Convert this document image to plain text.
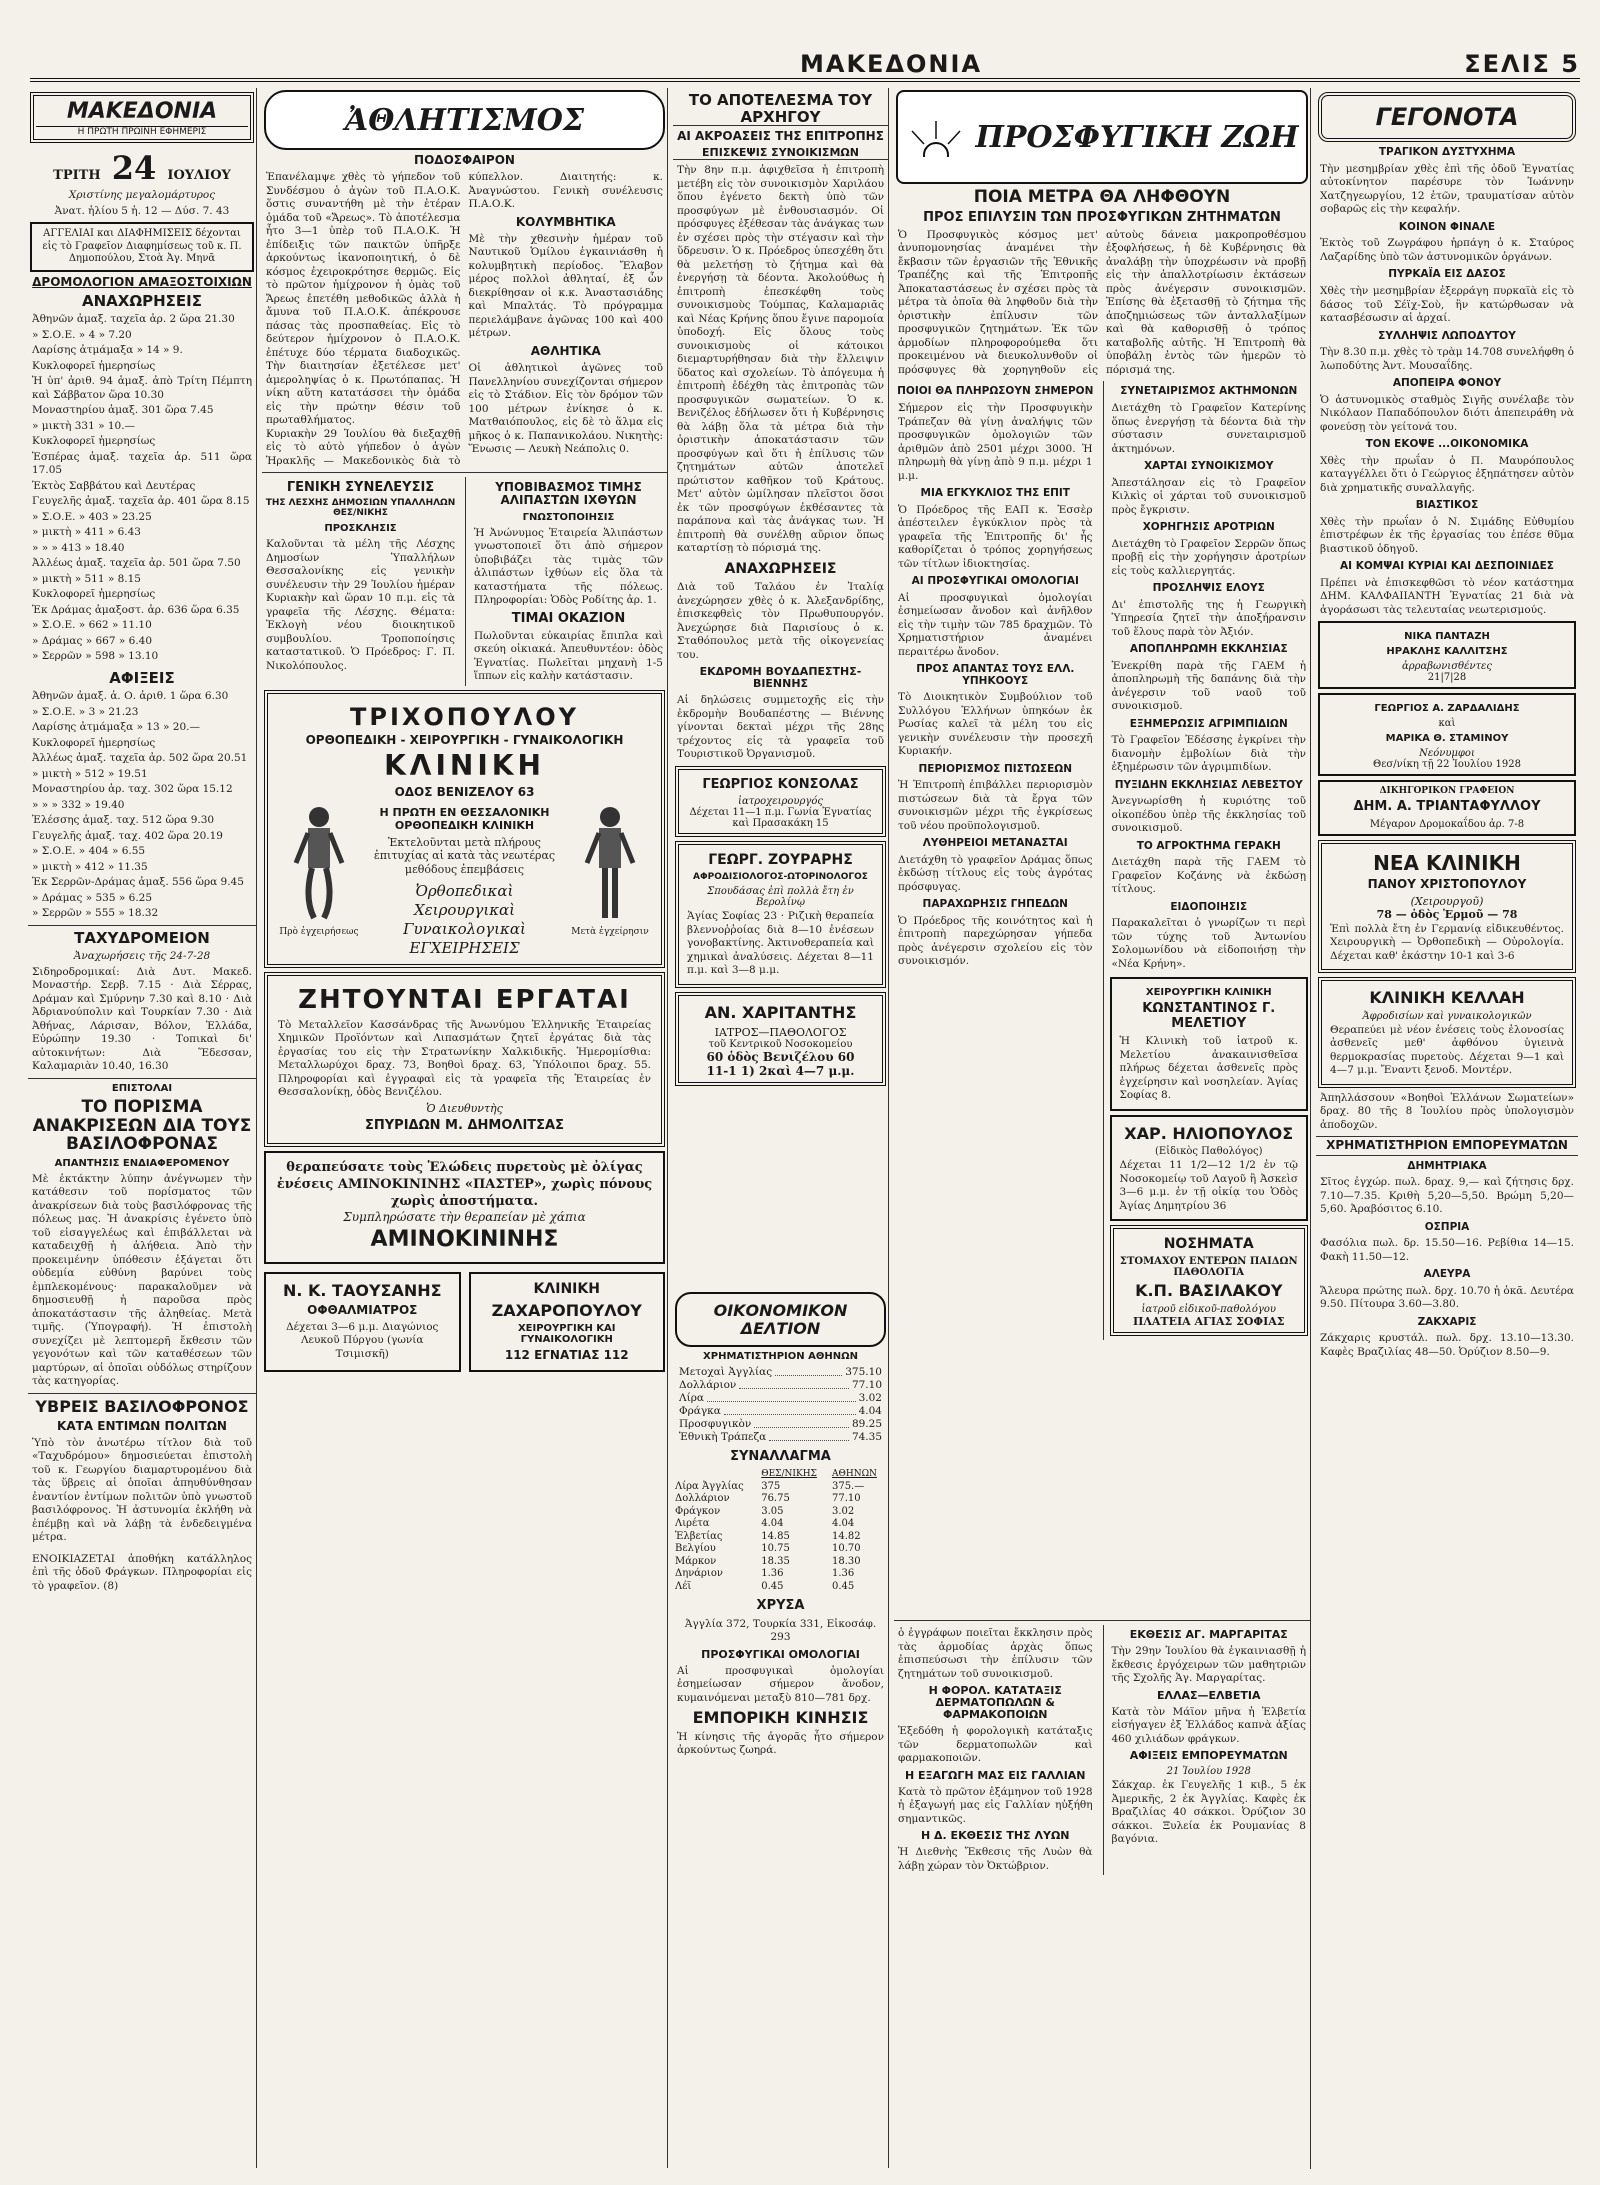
ΜΑΚΕΔΟΝΙΑ	ΣΕΛΙΣ 5
ΜΑΚΕΔΟΝΙΑ
Η ΠΡΩΤΗ ΠΡΩΪΝΗ ΕΦΗΜΕΡΙΣ
ΤΡΙΤΗ 24 ΙΟΥΛΙΟΥ
Χριστίνης μεγαλομάρτυρος
Ἀνατ. ἡλίου 5 ἡ. 12 — Δύσ. 7. 43
ΑΓΓΕΛΙΑΙ και ΔΙΑΦΗΜΙΣΕΙΣ δέχονται εἰς τὸ Γραφεῖον Διαφημίσεως τοῦ κ. Π. Δημοπούλου, Στοὰ Ἀγ. Μηνᾶ
ΔΡΟΜΟΛΟΓΙΟΝ ΑΜΑΞΟΣΤΟΙΧΙΩΝ
ΑΝΑΧΩΡΗΣΕΙΣ
Ἀθηνῶν ἀμαξ. ταχεῖα ἀρ. 2 ὥρα 21.30
» Σ.Ο.Ε. » 4 » 7.20
Λαρίσης ἀτμάμαξα » 14 » 9.
Κυκλοφορεῖ ἡμερησίως
Ἡ ὑπ' ἀριθ. 94 ἁμαξ. ἀπὸ Τρίτη Πέμπτη καὶ Σάββατον ὥρα 10.30
Μοναστηρίου ἀμαξ. 301 ὥρα 7.45
» μικτὴ 331 » 10.—
Κυκλοφορεῖ ἡμερησίως
Ἑσπέρας ἀμαξ. ταχεῖα ἀρ. 511 ὥρα 17.05
Ἐκτὸς Σαββάτου καὶ Δευτέρας
Γευγελῆς ἀμαξ. ταχεῖα ἀρ. 401 ὥρα 8.15
» Σ.Ο.Ε. » 403 » 23.25
» μικτὴ » 411 » 6.43
» » » 413 » 18.40
Ἀλλέως ἀμαξ. ταχεῖα ἀρ. 501 ὥρα 7.50
» μικτὴ » 511 » 8.15
Κυκλοφορεῖ ἡμερησίως
Ἐκ Δράμας ἀμαξοστ. ἀρ. 636 ὥρα 6.35
» Σ.Ο.Ε. » 662 » 11.10
» Δράμας » 667 » 6.40
» Σερρῶν » 598 » 13.10
ΑΦΙΞΕΙΣ
Ἀθηνῶν ἀμαξ. ἀ. Ο. ἀριθ. 1 ὥρα 6.30
» Σ.Ο.Ε. » 3 » 21.23
Λαρίσης ἀτμάμαξα » 13 » 20.—
Κυκλοφορεῖ ἡμερησίως
Ἀλλέως ἀμαξ. ταχεῖα ἀρ. 502 ὥρα 20.51
» μικτὴ » 512 » 19.51
Μοναστηρίου ἀρ. ταχ. 302 ὥρα 15.12
» » » 332 » 19.40
Ἑλέσσης ἀμαξ. ταχ. 512 ὥρα 9.30
Γευγελῆς ἀμαξ. ταχ. 402 ὥρα 20.19
» Σ.Ο.Ε. » 404 » 6.55
» μικτὴ » 412 » 11.35
Ἐκ Σερρῶν-Δράμας ἀμαξ. 556 ὥρα 9.45
» Δράμας » 535 » 6.25
» Σερρῶν » 555 » 18.32
ΤΑΧΥΔΡΟΜΕΙΟΝ
Ἀναχωρήσεις τῆς 24-7-28
Σιδηροδρομικαί: Διὰ Δυτ. Μακεδ. Μοναστήρ. Σερβ. 7.15 · Διὰ Σέρρας, Δράμαν καὶ Σμύρνην 7.30 καὶ 8.10 · Διὰ Ἀδριανούπολιν καὶ Τουρκίαν 7.30 · Διὰ Ἀθήνας, Λάρισαν, Βόλον, Ἑλλάδα, Εὐρώπην 19.30 · Τοπικαὶ δι' αὐτοκινήτων: Διὰ Ἕδεσσαν, Καλαμαριὰν 10.40, 16.30
ΕΠΙΣΤΟΛΑΙ
ΤΟ ΠΟΡΙΣΜΑ ΑΝΑΚΡΙΣΕΩΝ ΔΙΑ ΤΟΥΣ ΒΑΣΙΛΟΦΡΟΝΑΣ
ΑΠΑΝΤΗΣΙΣ ΕΝΔΙΑΦΕΡΟΜΕΝΟΥ
Μὲ ἐκτάκτην λύπην ἀνέγνωμεν τὴν κατάθεσιν τοῦ πορίσματος τῶν ἀνακρίσεων διὰ τοὺς βασιλόφρονας τῆς πόλεως μας. Ἡ ἀνακρίσις ἐγένετο ὑπὸ τοῦ εἰσαγγελέως καὶ ἐπιβάλλεται νὰ καταδειχθῇ ἡ ἀλήθεια. Ἀπὸ τὴν προκειμένην ὑπόθεσιν ἐξάγεται ὅτι οὐδεμία εὐθύνη βαρύνει τοὺς ἐμπλεκομένους· παρακαλοῦμεν νὰ δημοσιευθῇ ἡ παροῦσα πρὸς ἀποκατάστασιν τῆς ἀληθείας. Μετὰ τιμῆς. (Ὑπογραφή). Ἡ ἐπιστολὴ συνεχίζει μὲ λεπτομερῆ ἔκθεσιν τῶν γεγονότων καὶ τῶν καταθέσεων τῶν μαρτύρων, αἱ ὁποῖαι οὐδόλως στηρίζουν τὰς κατηγορίας.
ΥΒΡΕΙΣ ΒΑΣΙΛΟΦΡΟΝΟΣ
ΚΑΤΑ ΕΝΤΙΜΩΝ ΠΟΛΙΤΩΝ
Ὑπὸ τὸν ἀνωτέρω τίτλον διὰ τοῦ «Ταχυδρόμου» δημοσιεύεται ἐπιστολὴ τοῦ κ. Γεωργίου διαμαρτυρομένου διὰ τὰς ὕβρεις αἱ ὁποῖαι ἀπηυθύνθησαν ἐναντίον ἐντίμων πολιτῶν ὑπὸ γνωστοῦ βασιλόφρονος. Ἡ ἀστυνομία ἐκλήθη νὰ ἐπέμβῃ καὶ νὰ λάβῃ τὰ ἐνδεδειγμένα μέτρα.
ΕΝΟΙΚΙΑΖΕΤΑΙ ἀποθήκη κατάλληλος ἐπὶ τῆς ὁδοῦ Φράγκων. Πληροφορίαι εἰς τὸ γραφεῖον. (8)
ἈΘΛΗΤΙΣΜΟΣ
ΠΟΔΟΣΦΑΙΡΟΝ

Ἐπανέλαμψε χθὲς τὸ γήπεδον τοῦ Συνδέσμου ὁ ἀγὼν τοῦ Π.Α.Ο.Κ. ὅστις συναντήθη μὲ τὴν ἑτέραν ὁμάδα τοῦ «Ἄρεως». Τὸ ἀποτέλεσμα ἦτο 3—1 ὑπὲρ τοῦ Π.Α.Ο.Κ. Ἡ ἐπίδειξις τῶν παικτῶν ὑπῆρξε ἀρκούντως ἱκανοποιητική, ὁ δὲ κόσμος ἐχειροκρότησε θερμῶς. Εἰς τὸ πρῶτον ἡμίχρονον ἡ ὁμὰς τοῦ Ἄρεως ἐπετέθη μεθοδικῶς ἀλλὰ ἡ ἄμυνα τοῦ Π.Α.Ο.Κ. ἀπέκρουσε πάσας τὰς προσπαθείας. Εἰς τὸ δεύτερον ἡμίχρονον ὁ Π.Α.Ο.Κ. ἐπέτυχε δύο τέρματα διαδοχικῶς. Τὴν διαιτησίαν ἐξετέλεσε μετ' ἀμεροληψίας ὁ κ. Πρωτόπαπας. Ἡ νίκη αὕτη κατατάσσει τὴν ὁμάδα εἰς τὴν πρώτην θέσιν τοῦ πρωταθλήματος.

Κυριακὴν 29 Ἰουλίου θὰ διεξαχθῇ εἰς τὸ αὐτὸ γήπεδον ὁ ἀγὼν Ἡρακλῆς — Μακεδονικὸς διὰ τὸ κύπελλον. Διαιτητής: κ. Ἀναγνώστου. Γενικὴ συνέλευσις Π.Α.Ο.Κ.

ΚΟΛΥΜΒΗΤΙΚΑ

Μὲ τὴν χθεσινὴν ἡμέραν τοῦ Ναυτικοῦ Ὁμίλου ἐγκαινιάσθη ἡ κολυμβητικὴ περίοδος. Ἔλαβον μέρος πολλοὶ ἀθληταί, ἐξ ὧν διεκρίθησαν οἱ κ.κ. Ἀναστασιάδης καὶ Μπαλτάς. Τὸ πρόγραμμα περιελάμβανε ἀγῶνας 100 καὶ 400 μέτρων.

ΑΘΛΗΤΙΚΑ

Οἱ ἀθλητικοὶ ἀγῶνες τοῦ Πανελληνίου συνεχίζονται σήμερον εἰς τὸ Στάδιον. Εἰς τὸν δρόμον τῶν 100 μέτρων ἐνίκησε ὁ κ. Ματθαιόπουλος, εἰς δὲ τὸ ἅλμα εἰς μῆκος ὁ κ. Παπανικολάου. Νικητὴς: Ἕνωσις — Λευκὴ Νεάπολις 0.

ΓΕΝΙΚΗ ΣΥΝΕΛΕΥΣΙΣ
ΤΗΣ ΛΕΣΧΗΣ ΔΗΜΟΣΙΩΝ ΥΠΑΛΛΗΛΩΝ ΘΕΣ/ΝΙΚΗΣ
ΠΡΟΣΚΛΗΣΙΣ
Καλοῦνται τὰ μέλη τῆς Λέσχης Δημοσίων Ὑπαλλήλων Θεσσαλονίκης εἰς γενικὴν συνέλευσιν τὴν 29 Ἰουλίου ἡμέραν Κυριακὴν καὶ ὥραν 10 π.μ. εἰς τὰ γραφεῖα τῆς Λέσχης. Θέματα: Ἐκλογὴ νέου διοικητικοῦ συμβουλίου. Τροποποίησις καταστατικοῦ. Ὁ Πρόεδρος: Γ. Π. Νικολόπουλος.
ΥΠΟΒΙΒΑΣΜΟΣ ΤΙΜΗΣ ΑΛΙΠΑΣΤΩΝ ΙΧΘΥΩΝ
ΓΝΩΣΤΟΠΟΙΗΣΙΣ
Ἡ Ἀνώνυμος Ἑταιρεία Ἁλιπάστων γνωστοποιεῖ ὅτι ἀπὸ σήμερον ὑποβιβάζει τὰς τιμὰς τῶν ἁλιπάστων ἰχθύων εἰς ὅλα τὰ καταστήματα τῆς πόλεως. Πληροφορίαι: Ὁδὸς Ροδίτης ἀρ. 1.
ΤΙΜΑΙ ΟΚΑΖΙΟΝ
Πωλοῦνται εὐκαιρίας ἔπιπλα καὶ σκεύη οἰκιακά. Ἀπευθυντέον: ὁδὸς Ἐγνατίας. Πωλεῖται μηχανὴ 1-5 ἵππων εἰς καλὴν κατάστασιν.
ΤΡΙΧΟΠΟΥΛΟΥ
ΟΡΘΟΠΕΔΙΚΗ - ΧΕΙΡΟΥΡΓΙΚΗ - ΓΥΝΑΙΚΟΛΟΓΙΚΗ
ΚΛΙΝΙΚΗ
ΟΔΟΣ ΒΕΝΙΖΕΛΟΥ 63
Πρὸ ἐγχειρήσεως
Η ΠΡΩΤΗ ΕΝ ΘΕΣΣΑΛΟΝΙΚΗ ΟΡΘΟΠΕΔΙΚΗ ΚΛΙΝΙΚΗ
Ἐκτελοῦνται μετὰ πλήρους ἐπιτυχίας αἱ κατὰ τὰς νεωτέρας μεθόδους ἐπεμβάσεις
Ὀρθοπεδικαὶ Χειρουργικαὶ Γυναικολογικαὶ ΕΓΧΕΙΡΗΣΕΙΣ
Μετὰ ἐγχείρησιν
ΖΗΤΟΥΝΤΑΙ ΕΡΓΑΤΑΙ
Τὸ Μεταλλεῖον Κασσάνδρας τῆς Ἀνωνύμου Ἑλληνικῆς Ἑταιρείας Χημικῶν Προϊόντων καὶ Λιπασμάτων ζητεῖ ἐργάτας διὰ τὰς ἐργασίας του εἰς τὴν Στρατωνίκην Χαλκιδικῆς. Ἡμερομίσθια: Μεταλλωρύχοι δραχ. 73, Βοηθοὶ δραχ. 63, Ὑπόλοιποι δραχ. 55. Πληροφορίαι καὶ ἐγγραφαὶ εἰς τὰ γραφεῖα τῆς Ἑταιρείας ἐν Θεσσαλονίκῃ, ὁδὸς Βενιζέλου.
Ὁ Διευθυντὴς
ΣΠΥΡΙΔΩΝ Μ. ΔΗΜΟΛΙΤΣΑΣ
θεραπεύσατε τοὺς Ἑλώδεις πυρετοὺς μὲ ὀλίγας ἐνέσεις ΑΜΙΝΟΚΙΝΙΝΗΣ «ΠΑΣΤΕΡ», χωρὶς πόνους χωρὶς ἀποστήματα.
Συμπληρώσατε τὴν θεραπείαν μὲ χάπια
ΑΜΙΝΟΚΙΝΙΝΗΣ
Ν. Κ. ΤΑΟΥΣΑΝΗΣ
ΟΦΘΑΛΜΙΑΤΡΟΣ
Δέχεται 3—6 μ.μ. Διαγώνιος Λευκοῦ Πύργου (γωνία Τσιμισκῆ)
ΚΛΙΝΙΚΗ
ΖΑΧΑΡΟΠΟΥΛΟΥ
ΧΕΙΡΟΥΡΓΙΚΗ ΚΑΙ ΓΥΝΑΙΚΟΛΟΓΙΚΗ
112 ΕΓΝΑΤΙΑΣ 112
ΤΟ ΑΠΟΤΕΛΕΣΜΑ ΤΟΥ ΑΡΧΗΓΟΥ
ΑΙ ΑΚΡΟΑΣΕΙΣ ΤΗΣ ΕΠΙΤΡΟΠΗΣ
ΕΠΙΣΚΕΨΙΣ ΣΥΝΟΙΚΙΣΜΩΝ
Τὴν 8ην π.μ. ἀφιχθεῖσα ἡ ἐπιτροπὴ μετέβη εἰς τὸν συνοικισμὸν Χαριλάου ὅπου ἐγένετο δεκτὴ ὑπὸ τῶν προσφύγων μὲ ἐνθουσιασμόν. Οἱ πρόσφυγες ἐξέθεσαν τὰς ἀνάγκας των ἐν σχέσει πρὸς τὴν στέγασιν καὶ τὴν ὕδρευσιν. Ὁ κ. Πρόεδρος ὑπεσχέθη ὅτι θὰ μελετήσῃ τὸ ζήτημα καὶ θὰ ἐνεργήσῃ τὰ δέοντα. Ἀκολούθως ἡ ἐπιτροπὴ ἐπεσκέφθη τοὺς συνοικισμοὺς Τούμπας, Καλαμαριᾶς καὶ Νέας Κρήνης ὅπου ἔγινε παρομοία ὑποδοχή. Εἰς ὅλους τοὺς συνοικισμοὺς οἱ κάτοικοι διεμαρτυρήθησαν διὰ τὴν ἔλλειψιν ὕδατος καὶ σχολείων. Τὸ ἀπόγευμα ἡ ἐπιτροπὴ ἐδέχθη τὰς ἐπιτροπὰς τῶν προσφυγικῶν σωματείων. Ὁ κ. Βενιζέλος ἐδήλωσεν ὅτι ἡ Κυβέρνησις θὰ λάβῃ ὅλα τὰ μέτρα διὰ τὴν ὁριστικὴν ἀποκατάστασιν τῶν προσφύγων καὶ ὅτι ἡ ἐπίλυσις τῶν ζητημάτων αὐτῶν ἀποτελεῖ πρώτιστον καθῆκον τοῦ Κράτους. Μετ' αὐτὸν ὡμίλησαν πλεῖστοι ὅσοι ἐκ τῶν προσφύγων ἐκθέσαντες τὰ παράπονα καὶ τὰς ἀνάγκας των. Ἡ ἐπιτροπὴ θὰ συνέλθῃ αὔριον ὅπως καταρτίσῃ τὸ πόρισμά της.
ΑΝΑΧΩΡΗΣΕΙΣ
Διὰ τοῦ Ταλάου ἐν Ἰταλίᾳ ἀνεχώρησεν χθὲς ὁ κ. Ἀλεξανδρίδης, ἐπισκεφθεὶς τὸν Πρωθυπουργόν. Ἀνεχώρησε διὰ Παρισίους ὁ κ. Σταθόπουλος μετὰ τῆς οἰκογενείας του.
ΕΚΔΡΟΜΗ ΒΟΥΔΑΠΕΣΤΗΣ-ΒΙΕΝΝΗΣ
Αἱ δηλώσεις συμμετοχῆς εἰς τὴν ἐκδρομὴν Βουδαπέστης — Βιέννης γίνονται δεκταὶ μέχρι τῆς 28ης τρέχοντος εἰς τὰ γραφεῖα τοῦ Τουριστικοῦ Ὀργανισμοῦ.
ΓΕΩΡΓΙΟΣ ΚΟΝΣΟΛΑΣ
ἰατροχειρουργός
Δέχεται 11—1 π.μ. Γωνία Ἐγνατίας καὶ Πρασακάκη 15
ΓΕΩΡΓ. ΖΟΥΡΑΡΗΣ
ΑΦΡΟΔΙΣΙΟΛΟΓΟΣ-ΩΤΟΡΙΝΟΛΟΓΟΣ
Σπουδάσας ἐπὶ πολλὰ ἔτη ἐν Βερολίνῳ
Ἁγίας Σοφίας 23 · Ριζικὴ θεραπεία βλεννοῤῥοίας διὰ 8—10 ἐνέσεων γονοβακτίνης. Ἀκτινοθεραπεία καὶ χημικαὶ ἀναλύσεις. Δέχεται 8—11 π.μ. καὶ 3—8 μ.μ.
ΑΝ. ΧΑΡΙΤΑΝΤΗΣ
ΙΑΤΡΟΣ—ΠΑΘΟΛΟΓΟΣ
τοῦ Κεντρικοῦ Νοσοκομείου
60 ὁδὸς Βενιζέλου 60
11-1 1) 2καὶ 4—7 μ.μ.
ΟΙΚΟΝΟΜΙΚΟΝ ΔΕΛΤΙΟΝ
ΧΡΗΜΑΤΙΣΤΗΡΙΟΝ ΑΘΗΝΩΝ
Μετοχαὶ Ἀγγλίας	375.10
Δολλάριον	77.10
Λίρα	3.02
Φράγκα	4.04
Προσφυγικὸν	89.25
Ἑθνικὴ Τράπεζα	74.35
ΣΥΝΑΛΛΑΓΜΑ
	ΘΕΣ/ΝΙΚΗΣ	ΑΘΗΝΩΝ
Λίρα Ἀγγλίας	375	375.—
Δολλάριον	76.75	77.10
Φράγκον	3.05	3.02
Λιρέτα	4.04	4.04
Ἑλβετίας	14.85	14.82
Βελγίου	10.75	10.70
Μάρκον	18.35	18.30
Δηνάριον	1.36	1.36
Λέϊ	0.45	0.45
ΧΡΥΣΑ
Ἀγγλία 372, Τουρκία 331, Εἰκοσάφ. 293
ΠΡΟΣΦΥΓΙΚΑΙ ΟΜΟΛΟΓΙΑΙ
Αἱ προσφυγικαὶ ὁμολογίαι ἐσημείωσαν σήμερον ἄνοδον, κυμαινόμεναι μεταξὺ 810—781 δρχ.
ΕΜΠΟΡΙΚΗ ΚΙΝΗΣΙΣ
Ἡ κίνησις τῆς ἀγορᾶς ἦτο σήμερον ἀρκούντως ζωηρά.
ΠΡΟΣΦΥΓΙΚΗ ΖΩΗ
ΠΟΙΑ ΜΕΤΡΑ ΘΑ ΛΗΦΘΟΥΝ
ΠΡΟΣ ΕΠΙΛΥΣΙΝ ΤΩΝ ΠΡΟΣΦΥΓΙΚΩΝ ΖΗΤΗΜΑΤΩΝ

Ὁ Προσφυγικὸς κόσμος μετ' ἀνυπομονησίας ἀναμένει τὴν ἔκβασιν τῶν ἐργασιῶν τῆς Ἐθνικῆς Τραπέζης καὶ τῆς Ἐπιτροπῆς Ἀποκαταστάσεως ἐν σχέσει πρὸς τὰ μέτρα τὰ ὁποῖα θὰ ληφθοῦν διὰ τὴν ὁριστικὴν ἐπίλυσιν τῶν προσφυγικῶν ζητημάτων. Ἐκ τῶν ἁρμοδίων πληροφορούμεθα ὅτι προκειμένου νὰ διευκολυνθοῦν οἱ πρόσφυγες θὰ χορηγηθοῦν εἰς αὐτοὺς δάνεια μακροπροθέσμου ἐξοφλήσεως, ἡ δὲ Κυβέρνησις θὰ ἀναλάβῃ τὴν ὑποχρέωσιν νὰ προβῇ εἰς τὴν ἀπαλλοτρίωσιν ἐκτάσεων πρὸς ἀνέγερσιν συνοικισμῶν. Ἐπίσης θὰ ἐξετασθῇ τὸ ζήτημα τῆς ἀποζημιώσεως τῶν ἀνταλλαξίμων καὶ θὰ καθορισθῇ ὁ τρόπος καταβολῆς αὐτῆς. Ἡ Ἐπιτροπὴ θὰ ὑποβάλῃ ἐντὸς τῶν ἡμερῶν τὸ πόρισμά της.

ΠΟΙΟΙ ΘΑ ΠΛΗΡΩΣΟΥΝ ΣΗΜΕΡΟΝ
Σήμερον εἰς τὴν Προσφυγικὴν Τράπεζαν θὰ γίνῃ ἀναλήψις τῶν προσφυγικῶν ὁμολογιῶν τῶν ἀριθμῶν ἀπὸ 2501 μέχρι 3000. Ἡ πληρωμὴ θὰ γίνῃ ἀπὸ 9 π.μ. μέχρι 1 μ.μ.
ΜΙΑ ΕΓΚΥΚΛΙΟΣ ΤΗΣ ΕΠΙΤ
Ὁ Πρόεδρος τῆς ΕΑΠ κ. Ἐσσὲρ ἀπέστειλεν ἐγκύκλιον πρὸς τὰ γραφεῖα τῆς Ἐπιτροπῆς δι' ἧς καθορίζεται ὁ τρόπος χορηγήσεως τῶν τίτλων ἰδιοκτησίας.
ΑΙ ΠΡΟΣΦΥΓΙΚΑΙ ΟΜΟΛΟΓΙΑΙ
Αἱ προσφυγικαὶ ὁμολογίαι ἐσημείωσαν ἄνοδον καὶ ἀνῆλθον εἰς τὴν τιμὴν τῶν 785 δραχμῶν. Τὸ Χρηματιστήριον ἀναμένει περαιτέρω ἄνοδον.
ΠΡΟΣ ΑΠΑΝΤΑΣ ΤΟΥΣ ΕΛΛ. ΥΠΗΚΟΟΥΣ
Τὸ Διοικητικὸν Συμβούλιον τοῦ Συλλόγου Ἑλλήνων ὑπηκόων ἐκ Ρωσίας καλεῖ τὰ μέλη του εἰς γενικὴν συνέλευσιν τὴν προσεχῆ Κυριακήν.
ΠΕΡΙΟΡΙΣΜΟΣ ΠΙΣΤΩΣΕΩΝ
Ἡ Ἐπιτροπὴ ἐπιβάλλει περιορισμὸν πιστώσεων διὰ τὰ ἔργα τῶν συνοικισμῶν μέχρι τῆς ἐγκρίσεως τοῦ νέου προϋπολογισμοῦ.
ΛΥΘΗΡΕΙΟΙ ΜΕΤΑΝΑΣΤΑΙ
Διετάχθη τὸ γραφεῖον Δράμας ὅπως ἐκδώσῃ τίτλους εἰς τοὺς ἀγρότας πρόσφυγας.
ΠΑΡΑΧΩΡΗΣΙΣ ΓΗΠΕΔΩΝ
Ὁ Πρόεδρος τῆς κοινότητος καὶ ἡ ἐπιτροπὴ παρεχώρησαν γήπεδα πρὸς ἀνέγερσιν σχολείου εἰς τὸν συνοικισμόν.
ΣΥΝΕΤΑΙΡΙΣΜΟΣ ΑΚΤΗΜΟΝΩΝ
Διετάχθη τὸ Γραφεῖον Κατερίνης ὅπως ἐνεργήσῃ τὰ δέοντα διὰ τὴν σύστασιν συνεταιρισμοῦ ἀκτημόνων.
ΧΑΡΤΑΙ ΣΥΝΟΙΚΙΣΜΟΥ
Ἀπεστάλησαν εἰς τὸ Γραφεῖον Κιλκὶς οἱ χάρται τοῦ συνοικισμοῦ πρὸς ἔγκρισιν.
ΧΟΡΗΓΗΣΙΣ ΑΡΟΤΡΙΩΝ
Διετάχθη τὸ Γραφεῖον Σερρῶν ὅπως προβῇ εἰς τὴν χορήγησιν ἀροτρίων εἰς τοὺς καλλιεργητάς.
ΠΡΟΣΛΗΨΙΣ ΕΛΟΥΣ
Δι' ἐπιστολῆς της ἡ Γεωργικὴ Ὑπηρεσία ζητεῖ τὴν ἀποξήρανσιν τοῦ ἕλους παρὰ τὸν Ἀξιόν.
ΑΠΟΠΛΗΡΩΜΗ ΕΚΚΛΗΣΙΑΣ
Ἐνεκρίθη παρὰ τῆς ΓΑΕΜ ἡ ἀποπληρωμὴ τῆς δαπάνης διὰ τὴν ἀνέγερσιν τοῦ ναοῦ τοῦ συνοικισμοῦ.
ΕΞΗΜΕΡΩΣΙΣ ΑΓΡΙΜΠΙΔΙΩΝ
Τὸ Γραφεῖον Ἐδέσσης ἐγκρίνει τὴν διανομὴν ἐμβολίων διὰ τὴν ἐξημέρωσιν τῶν ἀγριμπιδίων.
ΠΥΞΙΔΗΝ ΕΚΚΛΗΣΙΑΣ ΛΕΒΕΣΤΟΥ
Ἀνεγνωρίσθη ἡ κυριότης τοῦ οἰκοπέδου ὑπὲρ τῆς ἐκκλησίας τοῦ συνοικισμοῦ.
ΤΟ ΑΓΡΟΚΤΗΜΑ ΓΕΡΑΚΗ
Διετάχθη παρὰ τῆς ΓΑΕΜ τὸ Γραφεῖον Κοζάνης νὰ ἐκδώσῃ τίτλους.
ΕΙΔΟΠΟΙΗΣΙΣ
Παρακαλεῖται ὁ γνωρίζων τι περὶ τῶν τύχης τοῦ Ἀντωνίου Σολομωνίδου νὰ εἰδοποιήσῃ τὴν «Νέα Κρήνη».
ΧΕΙΡΟΥΡΓΙΚΗ ΚΛΙΝΙΚΗ
ΚΩΝΣΤΑΝΤΙΝΟΣ Γ. ΜΕΛΕΤΙΟΥ
Ἡ Κλινικὴ τοῦ ἰατροῦ κ. Μελετίου ἀνακαινισθεῖσα πλήρως δέχεται ἀσθενεῖς πρὸς ἐγχείρησιν καὶ νοσηλείαν. Ἁγίας Σοφίας 8.
ΧΑΡ. ΗΛΙΟΠΟΥΛΟΣ
(Εἰδικὸς Παθολόγος)
Δέχεται 11 1/2—12 1/2 ἐν τῷ Νοσοκομείῳ τοῦ Λαγοῦ ἢ Ἀσκεὶσ 3—6 μ.μ. ἐν τῇ οἰκίᾳ του Ὁδὸς Ἀγίας Δημητρίου 36
ΝΟΣΗΜΑΤΑ
ΣΤΟΜΑΧΟΥ ΕΝΤΕΡΩΝ ΠΑΙΔΩΝ ΠΑΘΟΛΟΓΙΑ
Κ.Π. ΒΑΣΙΛΑΚΟΥ
ἰατροῦ εἰδικοῦ-παθολόγου
ΠΛΑΤΕΙΑ ΑΓΙΑΣ ΣΟΦΙΑΣ
ὁ ἐγγράφων ποιεῖται ἔκκλησιν πρὸς τὰς ἁρμοδίας ἀρχὰς ὅπως ἐπισπεύσωσι τὴν ἐπίλυσιν τῶν ζητημάτων τοῦ συνοικισμοῦ.
Η ΦΟΡΟΛ. ΚΑΤΑΤΑΞΙΣ ΔΕΡΜΑΤΟΠΩΛΩΝ & ΦΑΡΜΑΚΟΠΟΙΩΝ
Ἐξεδόθη ἡ φορολογικὴ κατάταξις τῶν δερματοπωλῶν καὶ φαρμακοποιῶν.
Η ΕΞΑΓΩΓΗ ΜΑΣ ΕΙΣ ΓΑΛΛΙΑΝ
Κατὰ τὸ πρῶτον ἑξάμηνον τοῦ 1928 ἡ ἐξαγωγή μας εἰς Γαλλίαν ηὐξήθη σημαντικῶς.
Η Δ. ΕΚΘΕΣΙΣ ΤΗΣ ΛΥΩΝ
Ἡ Διεθνὴς Ἔκθεσις τῆς Λυὼν θὰ λάβῃ χώραν τὸν Ὀκτώβριον.
ΕΚΘΕΣΙΣ ΑΓ. ΜΑΡΓΑΡΙΤΑΣ
Τὴν 29ην Ἰουλίου θὰ ἐγκαινιασθῇ ἡ ἔκθεσις ἐργόχειρων τῶν μαθητριῶν τῆς Σχολῆς Ἁγ. Μαργαρίτας.
ΕΛΛΑΣ—ΕΛΒΕΤΙΑ
Κατὰ τὸν Μάϊον μῆνα ἡ Ἑλβετία εἰσήγαγεν ἐξ Ἑλλάδος καπνὰ ἀξίας 460 χιλιάδων φράγκων.
ΑΦΙΞΕΙΣ ΕΜΠΟΡΕΥΜΑΤΩΝ
21 Ἰουλίου 1928
Σάκχαρ. ἐκ Γευγελῆς 1 κιβ., 5 ἐκ Ἀμερικῆς, 2 ἐκ Ἀγγλίας. Καφὲς ἐκ Βραζιλίας 40 σάκκοι. Ὀρύζιον 30 σάκκοι. Ξυλεία ἐκ Ρουμανίας 8 βαγόνια.
ΓΕΓΟΝΟΤΑ
ΤΡΑΓΙΚΟΝ ΔΥΣΤΥΧΗΜΑ
Τὴν μεσημβρίαν χθὲς ἐπὶ τῆς ὁδοῦ Ἐγνατίας αὐτοκίνητον παρέσυρε τὸν Ἰωάννην Χατζηγεωργίου, 12 ἐτῶν, τραυματίσαν αὐτὸν σοβαρῶς εἰς τὴν κεφαλήν.
ΚΟΙΝΟΝ ΦΙΝΑΛΕ
Ἐκτὸς τοῦ Ζωγράφου ἠρπάγη ὁ κ. Σταύρος Λαζαρίδης ὑπὸ τῶν ἀστυνομικῶν ὀργάνων.
ΠΥΡΚΑΪΑ ΕΙΣ ΔΑΣΟΣ
Χθὲς τὴν μεσημβρίαν ἐξερράγη πυρκαϊὰ εἰς τὸ δάσος τοῦ Σέϊχ-Σοὺ, ἣν κατώρθωσαν νὰ κατασβέσωσιν αἱ ἀρχαί.
ΣΥΛΛΗΨΙΣ ΛΩΠΟΔΥΤΟΥ
Τὴν 8.30 π.μ. χθὲς τὸ τρὰμ 14.708 συνελήφθη ὁ λωποδύτης Ἀντ. Μουσαΐδης.
ΑΠΟΠΕΙΡΑ ΦΟΝΟΥ
Ὁ ἀστυνομικὸς σταθμὸς Σιγῆς συνέλαβε τὸν Νικόλαον Παπαδόπουλον διότι ἀπεπειράθη νὰ φονεύσῃ τὸν γείτονά του.
ΤΟΝ ΕΚΟΨΕ ...ΟΙΚΟΝΟΜΙΚΑ
Χθὲς τὴν πρωΐαν ὁ Π. Μαυρόπουλος καταγγέλλει ὅτι ὁ Γεώργιος ἐξηπάτησεν αὐτὸν διὰ χρηματικῆς συναλλαγῆς.
ΒΙΑΣΤΙΚΟΣ
Χθὲς τὴν πρωΐαν ὁ Ν. Σιμάδης Εὐθυμίου ἐπιστρέφων ἐκ τῆς ἐργασίας του ἐπέσε θῦμα βιαστικοῦ ὁδηγοῦ.
ΑΙ ΚΟΜΨΑΙ ΚΥΡΙΑΙ ΚΑΙ ΔΕΣΠΟΙΝΙΔΕΣ
Πρέπει νὰ ἐπισκεφθῶσι τὸ νέον κατάστημα ΔΗΜ. ΚΑΛΦΑΙΙΑΝΤΗ Ἐγνατίας 21 διὰ νὰ ἀγοράσωσι τὰς τελευταίας νεωτερισμούς.
ΝΙΚΑ ΠΑΝΤΑΖΗ
ΗΡΑΚΛΗΣ ΚΑΛΛΙΤΣΗΣ
ἀρραβωνισθέντες
21|7|28
ΓΕΩΡΓΙΟΣ Α. ΖΑΡΔΑΛΙΔΗΣ
καὶ
ΜΑΡΙΚΑ Θ. ΣΤΑΜΙΝΟΥ
Νεόνυμφοι
Θεσ/νίκη τῇ 22 Ἰουλίου 1928
ΔΙΚΗΓΟΡΙΚΟΝ ΓΡΑΦΕΙΟΝ
ΔΗΜ. Α. ΤΡΙΑΝΤΑΦΥΛΛΟΥ
Μέγαρον Δρομοκαΐδου ἀρ. 7-8
ΝΕΑ ΚΛΙΝΙΚΗ
ΠΑΝΟΥ ΧΡΙΣΤΟΠΟΥΛΟΥ
(Χειρουργοῦ)
78 — ὁδὸς Ἑρμοῦ — 78
Ἐπὶ πολλὰ ἔτη ἐν Γερμανίᾳ εἰδικευθέντος. Χειρουργικὴ — Ὀρθοπεδικὴ — Οὐρολογία. Δέχεται καθ' ἑκάστην 10-1 καὶ 3-6
ΚΛΙΝΙΚΗ ΚΕΛΛΑΗ
Ἀφροδισίων καὶ γυναικολογικῶν
Θεραπεύει μὲ νέον ἐνέσεις τοὺς ἐλονοσίας ἀσθενεῖς μεθ' ἀφθόνου ὑγιεινὰ θερμοκρασίας πυρετοὺς. Δέχεται 9—1 καὶ 4—7 μ.μ. Ἔναντι ξενοδ. Μοντέρν.
Ἀπηλλάσσουν «Βοηθοὶ Ἐλλάνων Σωματείων» δραχ. 80 τῆς 8 Ἰουλίου πρὸς ὑπολογισμὸν ἀποδοχῶν.
ΧΡΗΜΑΤΙΣΤΗΡΙΟΝ ΕΜΠΟΡΕΥΜΑΤΩΝ
ΔΗΜΗΤΡΙΑΚΑ
Σῖτος ἐγχώρ. πωλ. δραχ. 9,— καὶ ζήτησις δρχ. 7.10—7.35. Κριθὴ 5,20—5,50. Βρώμη 5,20—5,60. Ἀραβόσιτος 6.10.
ΟΣΠΡΙΑ
Φασόλια πωλ. δρ. 15.50—16. Ρεβίθια 14—15. Φακὴ 11.50—12.
ΑΛΕΥΡΑ
Ἄλευρα πρώτης πωλ. δρχ. 10.70 ἡ ὀκᾶ. Δευτέρα 9.50. Πίτουρα 3.60—3.80.
ΖΑΚΧΑΡΙΣ
Ζάκχαρις κρυστάλ. πωλ. δρχ. 13.10—13.30. Καφὲς Βραζιλίας 48—50. Ὀρύζιον 8.50—9.
